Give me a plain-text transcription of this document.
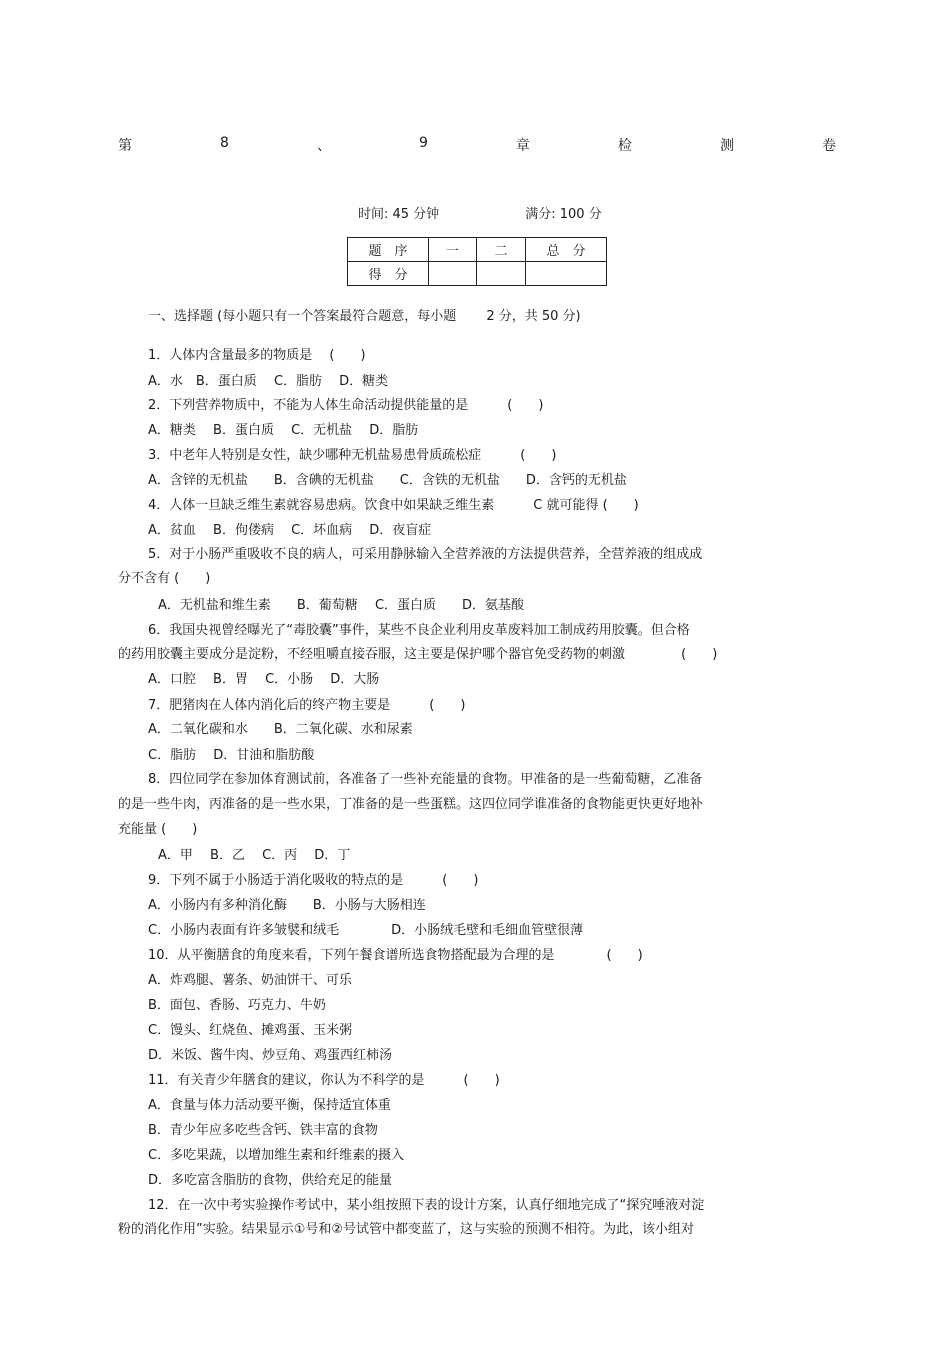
第	8	、	9	章	检	测	卷
时间: 45 分钟	满分: 100 分
题　序	一	二	总　分
得　分			
一、选择题 (每小题只有一个答案最符合题意，每小题　　 2 分，共 50 分)
1．人体内含量最多的物质是　 (　　)
A．水　B．蛋白质　 C．脂肪　 D．糖类
2．下列营养物质中，不能为人体生命活动提供能量的是　　　(　　)
A．糖类　 B．蛋白质　 C．无机盐　 D．脂肪
3．中老年人特别是女性，缺少哪种无机盐易患骨质疏松症　　　(　　)
A．含锌的无机盐　　B．含碘的无机盐　　C．含铁的无机盐　　D．含钙的无机盐
4．人体一旦缺乏维生素就容易患病。饮食中如果缺乏维生素　　　C 就可能得 (　　)
A．贫血　 B．佝偻病　 C．坏血病　 D．夜盲症
5．对于小肠严重吸收不良的病人，可采用静脉输入全营养液的方法提供营养，全营养液的组成成
分不含有 (　　)
A．无机盐和维生素　　B．葡萄糖　 C．蛋白质　　D．氨基酸
6．我国央视曾经曝光了“毒胶囊”事件，某些不良企业利用皮革废料加工制成药用胶囊。但合格
的药用胶囊主要成分是淀粉，不经咀嚼直接吞服，这主要是保护哪个器官免受药物的刺激　　　　 (　　)
A．口腔　 B．胃　 C．小肠　 D．大肠
7．肥猪肉在人体内消化后的终产物主要是　　　(　　)
A．二氧化碳和水　　B．二氧化碳、水和尿素
C．脂肪　 D．甘油和脂肪酸
8．四位同学在参加体育测试前，各准备了一些补充能量的食物。甲准备的是一些葡萄糖，乙准备
的是一些牛肉，丙准备的是一些水果，丁准备的是一些蛋糕。这四位同学谁准备的食物能更快更好地补
充能量 (　　)
A．甲　 B．乙　 C．丙　 D．丁
9．下列不属于小肠适于消化吸收的特点的是　　　(　　)
A．小肠内有多种消化酶　　B．小肠与大肠相连
C．小肠内表面有许多皱襞和绒毛　　　　D．小肠绒毛壁和毛细血管壁很薄
10．从平衡膳食的角度来看，下列午餐食谱所选食物搭配最为合理的是　　　　(　　)
A．炸鸡腿、薯条、奶油饼干、可乐
B．面包、香肠、巧克力、牛奶
C．馒头、红烧鱼、摊鸡蛋、玉米粥
D．米饭、酱牛肉、炒豆角、鸡蛋西红柿汤
11．有关青少年膳食的建议，你认为不科学的是　　　(　　)
A．食量与体力活动要平衡，保持适宜体重
B．青少年应多吃些含钙、铁丰富的食物
C．多吃果蔬，以增加维生素和纤维素的摄入
D．多吃富含脂肪的食物，供给充足的能量
12．在一次中考实验操作考试中，某小组按照下表的设计方案，认真仔细地完成了“探究唾液对淀
粉的消化作用”实验。结果显示①号和②号试管中都变蓝了，这与实验的预测不相符。为此，该小组对
